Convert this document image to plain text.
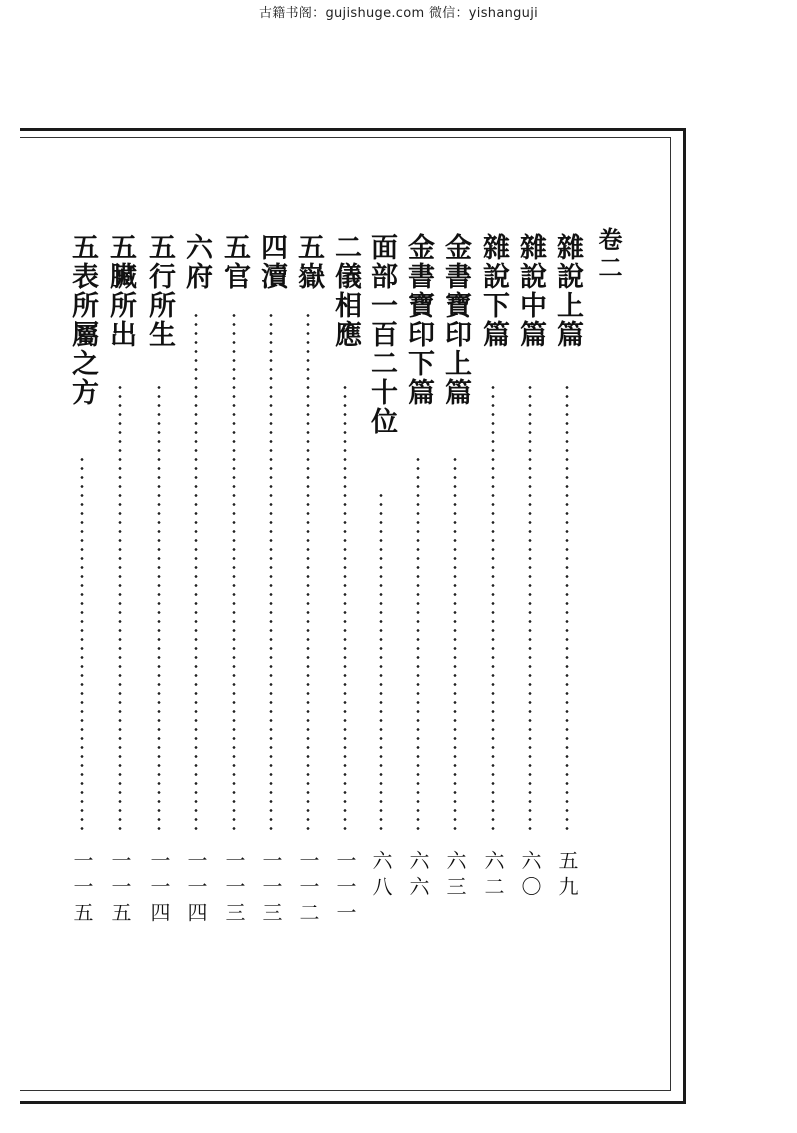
古籍书阁：gujishuge.com 微信：yishanguji
卷二
雜說上篇
五九
雜說中篇
六〇
雜說下篇
六二
金書寶印上篇
六三
金書寶印下篇
六六
面部一百二十位
六八
二儀相應
一一一
五嶽
一一二
四瀆
一一三
五官
一一三
六府
一一四
五行所生
一一四
五臟所出
一一五
五表所屬之方
一一五
